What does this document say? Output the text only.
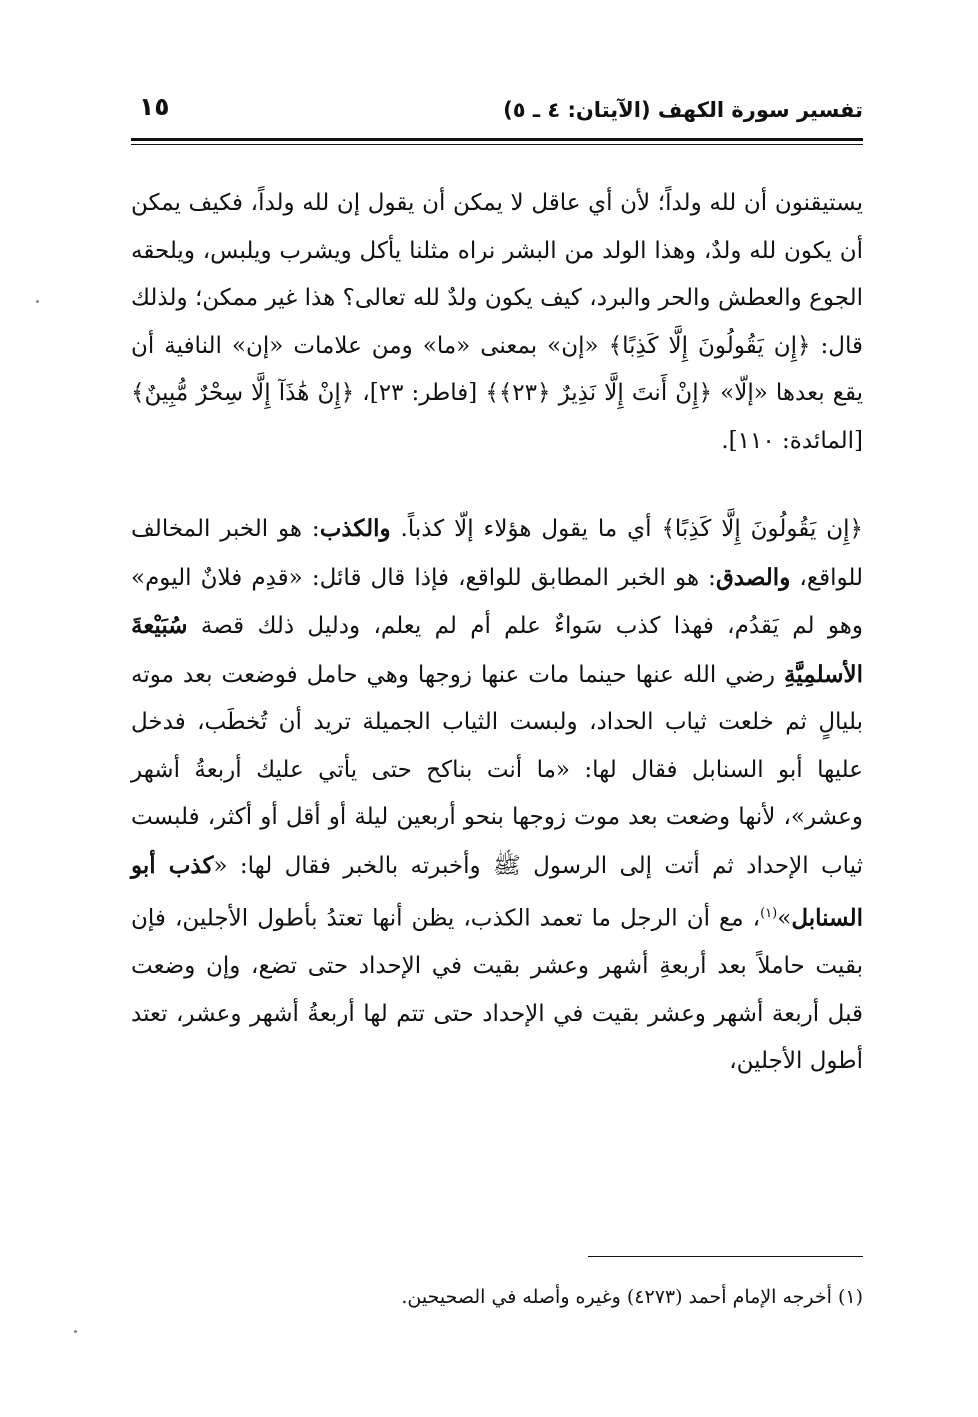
تفسير سورة الكهف (الآيتان: ٤ ـ ٥)
١٥

يستيقنون أن لله ولداً؛ لأن أي عاقل لا يمكن أن يقول إن لله ولداً، فكيف يمكن أن يكون لله ولدٌ، وهذا الولد من البشر نراه مثلنا يأكل ويشرب ويلبس، ويلحقه الجوع والعطش والحر والبرد، كيف يكون ولدٌ لله تعالى؟ هذا غير ممكن؛ ولذلك قال: ﴿إِن يَقُولُونَ إِلَّا كَذِبًا﴾ «إن» بمعنى «ما» ومن علامات «إن» النافية أن يقع بعدها «إلّا» ﴿إِنْ أَنتَ إِلَّا نَذِيرٌ ﴿٢٣﴾﴾ [فاطر: ٢٣]، ﴿إِنْ هَٰذَآ إِلَّا سِحْرٌ مُّبِينٌ﴾ [المائدة: ١١٠].

﴿إِن يَقُولُونَ إِلَّا كَذِبًا﴾ أي ما يقول هؤلاء إلّا كذباً. والكذب: هو الخبر المخالف للواقع، والصدق: هو الخبر المطابق للواقع، فإذا قال قائل: «قدِم فلانٌ اليوم» وهو لم يَقدُم، فهذا كذب سَواءٌ علم أم لم يعلم، ودليل ذلك قصة سُبَيْعةَ الأسلمِيَّةِ رضي الله عنها حينما مات عنها زوجها وهي حامل فوضعت بعد موته بليالٍ ثم خلعت ثياب الحداد، ولبست الثياب الجميلة تريد أن تُخطَب، فدخل عليها أبو السنابل فقال لها: «ما أنت بناكح حتى يأتي عليك أربعةُ أشهر وعشر»، لأنها وضعت بعد موت زوجها بنحو أربعين ليلة أو أقل أو أكثر، فلبست ثياب الإحداد ثم أتت إلى الرسول ﷺ وأخبرته بالخبر فقال لها: «كذب أبو السنابل»$^{(١)}$، مع أن الرجل ما تعمد الكذب، يظن أنها تعتدُ بأطول الأجلين، فإن بقيت حاملاً بعد أربعةِ أشهر وعشر بقيت في الإحداد حتى تضع، وإن وضعت قبل أربعة أشهر وعشر بقيت في الإحداد حتى تتم لها أربعةُ أشهر وعشر، تعتد أطول الأجلين،

(١) أخرجه الإمام أحمد (٤٢٧٣) وغيره وأصله في الصحيحين.
